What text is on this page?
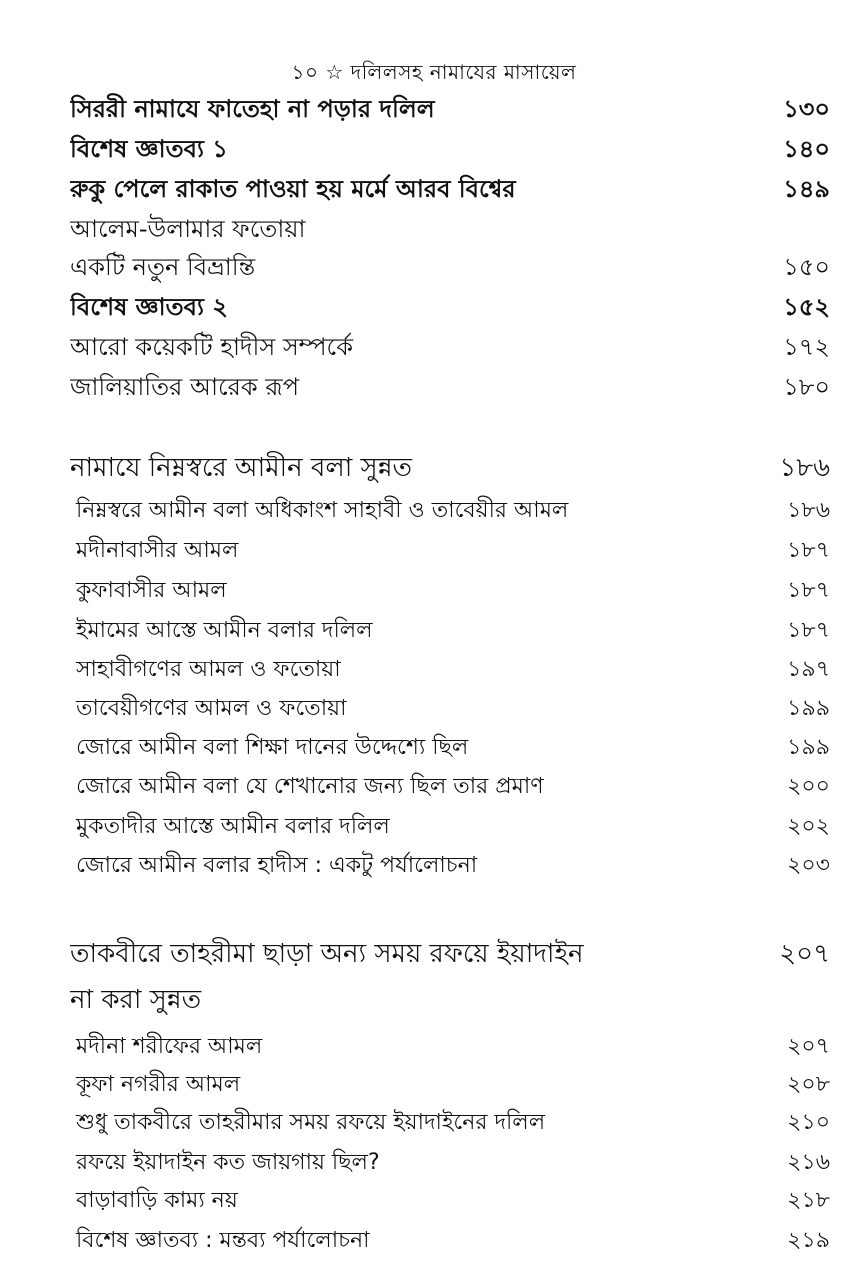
১০ ☆ দলিলসহ নামাযের মাসায়েল
সিররী নামাযে ফাতেহা না পড়ার দলিল	১৩০
বিশেষ জ্ঞাতব্য ১	১৪০
রুকু পেলে রাকাত পাওয়া হয় মর্মে আরব বিশ্বের	১৪৯
আলেম-উলামার ফতোয়া
একটি নতুন বিভ্রান্তি	১৫০
বিশেষ জ্ঞাতব্য ২	১৫২
আরো কয়েকটি হাদীস সম্পর্কে	১৭২
জালিয়াতির আরেক রূপ	১৮০
নামাযে নিম্নস্বরে আমীন বলা সুন্নত	১৮৬
নিম্নস্বরে আমীন বলা অধিকাংশ সাহাবী ও তাবেয়ীর আমল	১৮৬
মদীনাবাসীর আমল	১৮৭
কুফাবাসীর আমল	১৮৭
ইমামের আস্তে আমীন বলার দলিল	১৮৭
সাহাবীগণের আমল ও ফতোয়া	১৯৭
তাবেয়ীগণের আমল ও ফতোয়া	১৯৯
জোরে আমীন বলা শিক্ষা দানের উদ্দেশ্যে ছিল	১৯৯
জোরে আমীন বলা যে শেখানোর জন্য ছিল তার প্রমাণ	২০০
মুকতাদীর আস্তে আমীন বলার দলিল	২০২
জোরে আমীন বলার হাদীস : একটু পর্যালোচনা	২০৩
তাকবীরে তাহরীমা ছাড়া অন্য সময় রফয়ে ইয়াদাইন	২০৭
না করা সুন্নত
মদীনা শরীফের আমল	২০৭
কূফা নগরীর আমল	২০৮
শুধু তাকবীরে তাহরীমার সময় রফয়ে ইয়াদাইনের দলিল	২১০
রফয়ে ইয়াদাইন কত জায়গায় ছিল?	২১৬
বাড়াবাড়ি কাম্য নয়	২১৮
বিশেষ জ্ঞাতব্য : মন্তব্য পর্যালোচনা	২১৯
